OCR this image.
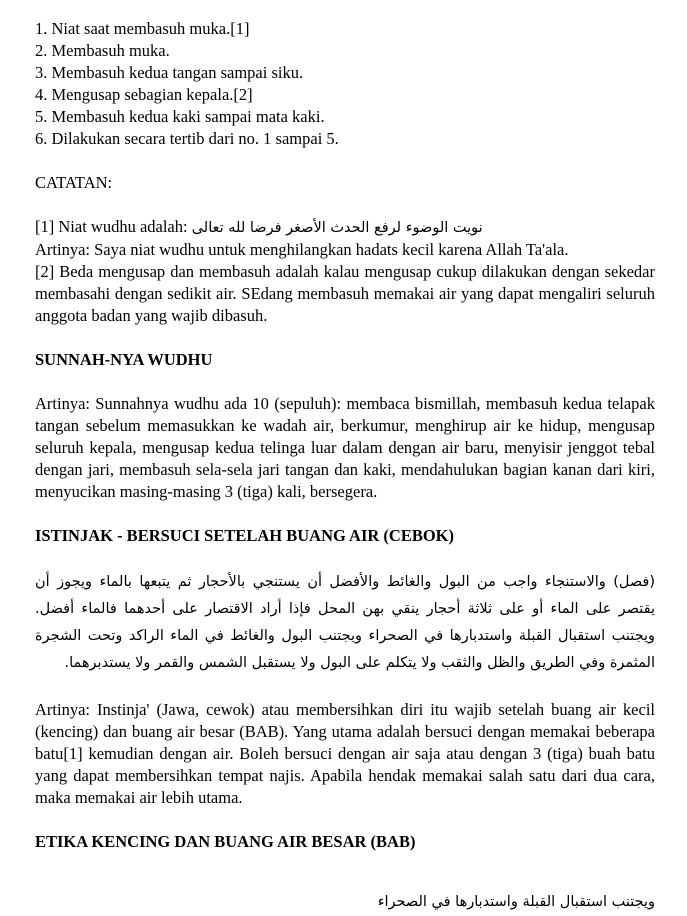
1. Niat saat membasuh muka.[1]
2. Membasuh muka.
3. Membasuh kedua tangan sampai siku.
4. Mengusap sebagian kepala.[2]
5. Membasuh kedua kaki sampai mata kaki.
6. Dilakukan secara tertib dari no. 1 sampai 5.
CATATAN:
[1] Niat wudhu adalah: نويت الوضوء لرفع الحدث الأصغر فرضا لله تعالى

Artinya: Saya niat wudhu untuk menghilangkan hadats kecil karena Allah Ta'ala.

[2] Beda mengusap dan membasuh adalah kalau mengusap cukup dilakukan dengan sekedar membasahi dengan sedikit air. SEdang membasuh memakai air yang dapat mengaliri seluruh anggota badan yang wajib dibasuh.

SUNNAH-NYA WUDHU

Artinya: Sunnahnya wudhu ada 10 (sepuluh): membaca bismillah, membasuh kedua telapak tangan sebelum memasukkan ke wadah air, berkumur, menghirup air ke hidup, mengusap seluruh kepala, mengusap kedua telinga luar dalam dengan air baru, menyisir jenggot tebal dengan jari, membasuh sela-sela jari tangan dan kaki, mendahulukan bagian kanan dari kiri, menyucikan masing-masing 3 (tiga) kali, bersegera.

ISTINJAK - BERSUCI SETELAH BUANG AIR (CEBOK)

(فصل) والاستنجاء واجب من البول والغائط والأفضل أن يستنجي بالأحجار ثم يتبعها بالماء ويجوز أن يقتصر على الماء أو على ثلاثة أحجار ينقي بهن المحل فإذا أراد الاقتصار على أحدهما فالماء أفضل. ويجتنب استقبال القبلة واستدبارها في الصحراء ويجتنب البول والغائط في الماء الراكد وتحت الشجرة المثمرة وفي الطريق والظل والثقب ولا يتكلم على البول ولا يستقبل الشمس والقمر ولا يستدبرهما.

Artinya: Instinja' (Jawa, cewok) atau membersihkan diri itu wajib setelah buang air kecil (kencing) dan buang air besar (BAB). Yang utama adalah bersuci dengan memakai beberapa batu[1] kemudian dengan air. Boleh bersuci dengan air saja atau dengan 3 (tiga) buah batu yang dapat membersihkan tempat najis. Apabila hendak memakai salah satu dari dua cara, maka memakai air lebih utama.

ETIKA KENCING DAN BUANG AIR BESAR (BAB)
ويجتنب استقبال القبلة واستدبارها في الصحراء
